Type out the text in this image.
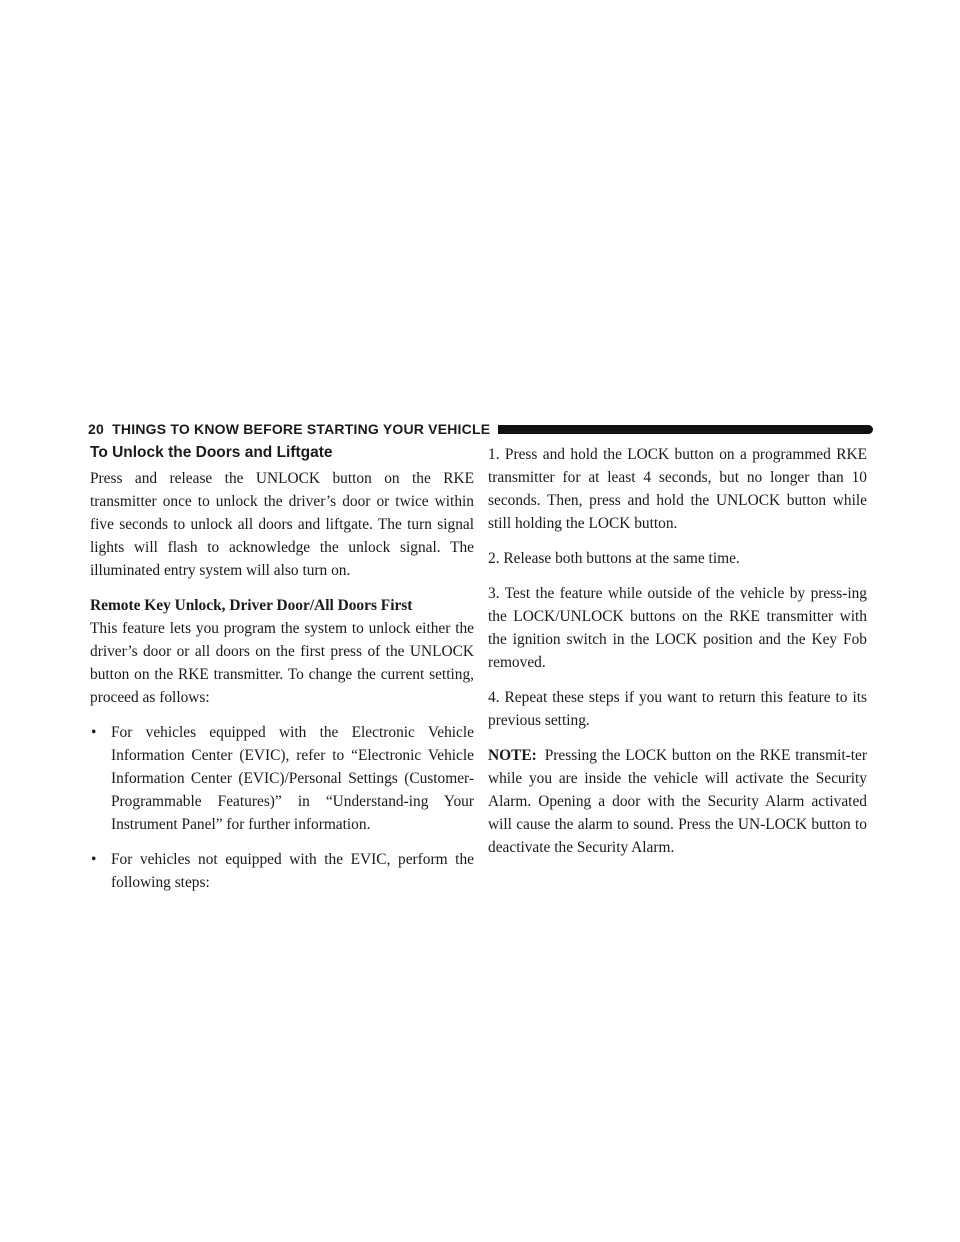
20 THINGS TO KNOW BEFORE STARTING YOUR VEHICLE
To Unlock the Doors and Liftgate

Press and release the UNLOCK button on the RKE transmitter once to unlock the driver’s door or twice within five seconds to unlock all doors and liftgate. The turn signal lights will flash to acknowledge the unlock signal. The illuminated entry system will also turn on.

Remote Key Unlock, Driver Door/All Doors First

This feature lets you program the system to unlock either the driver’s door or all doors on the first press of the UNLOCK button on the RKE transmitter. To change the current setting, proceed as follows:

• For vehicles equipped with the Electronic Vehicle Information Center (EVIC), refer to “Electronic Vehicle Information Center (EVIC)/Personal Settings (Customer-Programmable Features)” in “Understand-ing Your Instrument Panel” for further information.
• For vehicles not equipped with the EVIC, perform the following steps:

1. Press and hold the LOCK button on a programmed RKE transmitter for at least 4 seconds, but no longer than 10 seconds. Then, press and hold the UNLOCK button while still holding the LOCK button.

2. Release both buttons at the same time.

3. Test the feature while outside of the vehicle by press-ing the LOCK/UNLOCK buttons on the RKE transmitter with the ignition switch in the LOCK position and the Key Fob removed.

4. Repeat these steps if you want to return this feature to its previous setting.

NOTE: Pressing the LOCK button on the RKE transmit-ter while you are inside the vehicle will activate the Security Alarm. Opening a door with the Security Alarm activated will cause the alarm to sound. Press the UN-LOCK button to deactivate the Security Alarm.
